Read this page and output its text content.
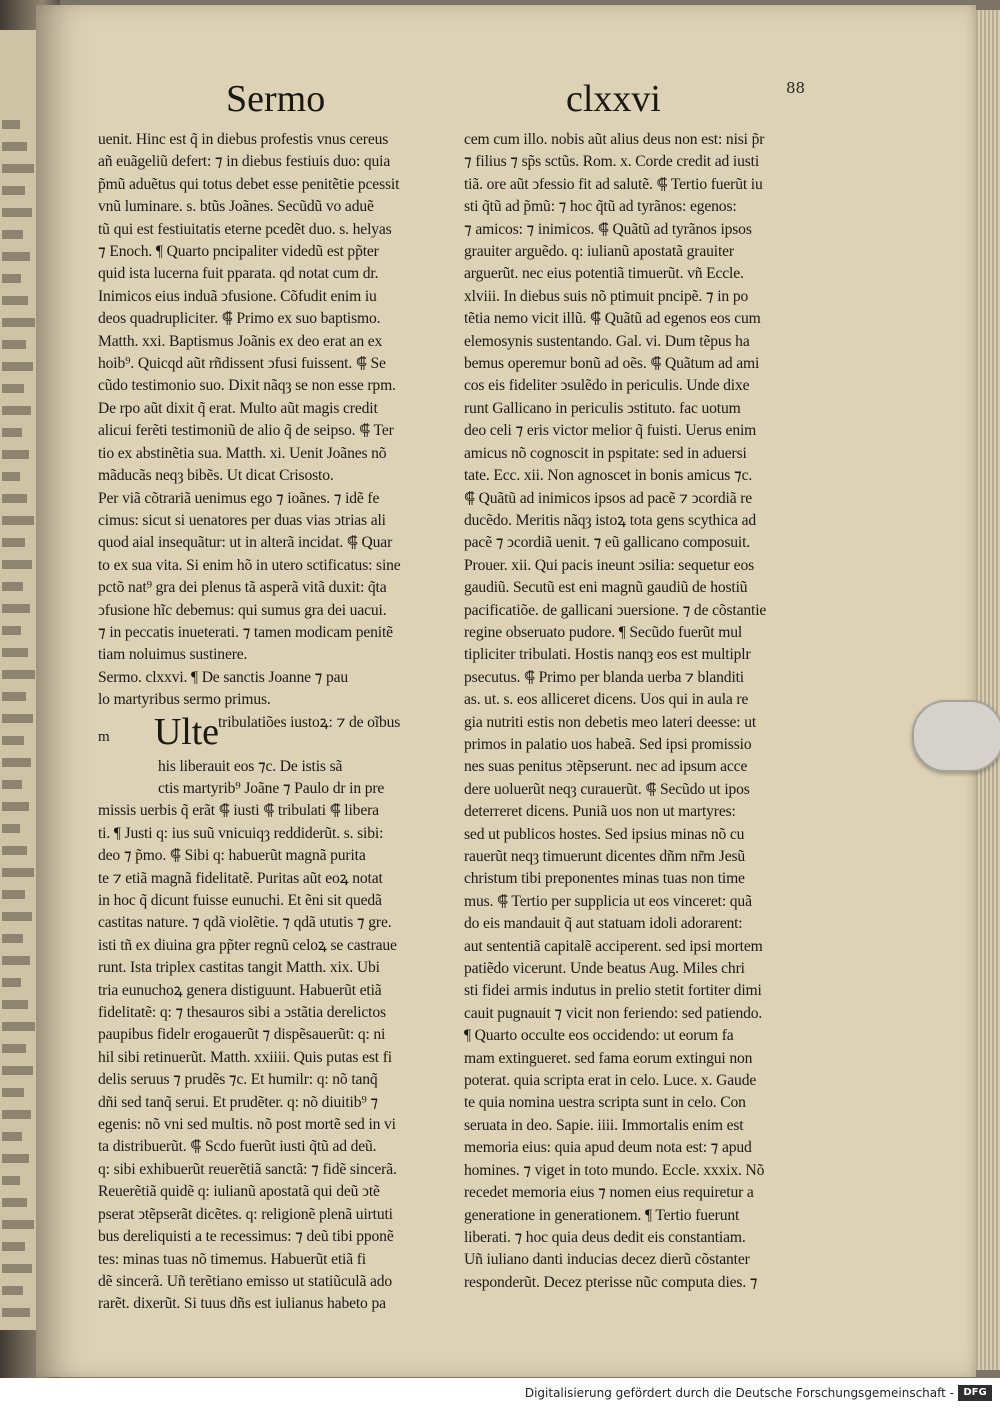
Sermo	clxxvi	88
uenit. Hinc est q̃ in diebus profestis vnus cereus
añ euãgeliũ defert: ⁊ in diebus festiuis duo: quia
p̃mũ aduẽtus qui totus debet esse penitẽtie pcessit
vnũ luminare. s. btũs Joãnes. Secũdũ vo aduẽ
tũ qui est festiuitatis eterne pcedẽt duo. s. helyas
⁊ Enoch. ¶ Quarto pncipaliter videdũ est pp̃ter
quid ista lucerna fuit pparata. qd notat cum dr.
Inimicos eius induã ↄfusione. Cõfudit enim iu
deos quadrupliciter. ⸿ Primo ex suo baptismo.
Matth. xxi. Baptismus Joãnis ex deo erat an ex
hoib⁹. Quicqd aũt rñdissent ↄfusi fuissent. ⸿ Se
cũdo testimonio suo. Dixit nãqȝ se non esse rpm.
De rpo aũt dixit q̃ erat. Multo aũt magis credit
alicui ferẽti testimoniũ de alio q̃ de seipso. ⸿ Ter
tio ex abstinẽtia sua. Matth. xi. Uenit Joãnes nõ
mãducãs neqȝ bibẽs. Ut dicat Crisosto.
Per viã cõtrariã uenimus ego ⁊ ioãnes. ⁊ idẽ fe
cimus: sicut si uenatores per duas vias ↄtrias ali
quod aial insequãtur: ut in alterã incidat. ⸿ Quar
to ex sua vita. Si enim hõ in utero sctificatus: sine
pctõ nat⁹ gra dei plenus tã asperã vitã duxit: q̃ta
ↄfusione hĩc debemus: qui sumus gra dei uacui.
⁊ in peccatis inueterati. ⁊ tamen modicam penitẽ
tiam noluimus sustinere.
Sermo. clxxvi. ¶ De sanctis Joanne ⁊ pau
lo martyribus sermo primus.
m Ulte tribulatiões iustoꝝ: ⁊ de oĩbus
his liberauit eos ⁊c. De istis sã
ctis martyrib⁹ Joãne ⁊ Paulo dr in pre
missis uerbis q̃ erãt ⸿ iusti ⸿ tribulati ⸿ libera
ti. ¶ Justi q: ius suũ vnicuiqȝ reddiderũt. s. sibi:
deo ⁊ p̃mo. ⸿ Sibi q: habuerũt magnã purita
te ⁊ etiã magnã fidelitatẽ. Puritas aũt eoꝝ notat
in hoc q̃ dicunt fuisse eunuchi. Et ẽni sit quedã
castitas nature. ⁊ qdã violẽtie. ⁊ qdã ututis ⁊ gre.
isti tñ ex diuina gra pp̃ter regnũ celoꝝ se castraue
runt. Ista triplex castitas tangit Matth. xix. Ubi
tria eunuchoꝝ genera distiguunt. Habuerũt etiã
fidelitatẽ: q: ⁊ thesauros sibi a ↄstãtia derelictos
paupibus fidelr erogauerũt ⁊ dispẽsauerũt: q: ni
hil sibi retinuerũt. Matth. xxiiii. Quis putas est fi
delis seruus ⁊ prudẽs ⁊c. Et humilr: q: nõ tanq̃
dñi sed tanq̃ serui. Et prudẽter. q: nõ diuitib⁹ ⁊
egenis: nõ vni sed multis. nõ post mortẽ sed in vi
ta distribuerũt. ⸿ Scdo fuerũt iusti q̃tũ ad deũ.
q: sibi exhibuerũt reuerẽtiã sanctã: ⁊ fidẽ sincerã.
Reuerẽtiã quidẽ q: iulianũ apostatã qui deũ ↄtẽ
pserat ↄtẽpserãt dicẽtes. q: religionẽ plenã uirtuti
bus dereliquisti a te recessimus: ⁊ deũ tibi pponẽ
tes: minas tuas nõ timemus. Habuerũt etiã fi
dẽ sincerã. Uñ terẽtiano emisso ut statiũculã ado
rarẽt. dixerũt. Si tuus dñs est iulianus habeto pa
cem cum illo. nobis aũt alius deus non est: nisi p̃r
⁊ filius ⁊ sp̃s sctũs. Rom. x. Corde credit ad iusti
tiã. ore aũt ↄfessio fit ad salutẽ. ⸿ Tertio fuerũt iu
sti q̃tũ ad p̃mũ: ⁊ hoc q̃tũ ad tyrãnos: egenos:
⁊ amicos: ⁊ inimicos. ⸿ Quãtũ ad tyrãnos ipsos
grauiter arguẽdo. q: iulianũ apostatã grauiter
arguerũt. nec eius potentiã timuerũt. vñ Eccle.
xlviii. In diebus suis nõ ptimuit pncipẽ. ⁊ in po
tẽtia nemo vicit illũ. ⸿ Quãtũ ad egenos eos cum
elemosynis sustentando. Gal. vi. Dum tẽpus ha
bemus operemur bonũ ad oẽs. ⸿ Quãtum ad ami
cos eis fideliter ↄsulẽdo in periculis. Unde dixe
runt Gallicano in periculis ↄstituto. fac uotum
deo celi ⁊ eris victor melior q̃ fuisti. Uerus enim
amicus nõ cognoscit in pspitate: sed in aduersi
tate. Ecc. xii. Non agnoscet in bonis amicus ⁊c.
⸿ Quãtũ ad inimicos ipsos ad pacẽ ⁊ ↄcordiã re
ducẽdo. Meritis nãqȝ istoꝝ tota gens scythica ad
pacẽ ⁊ ↄcordiã uenit. ⁊ eũ gallicano composuit.
Prouer. xii. Qui pacis ineunt ↄsilia: sequetur eos
gaudiũ. Secutũ est eni magnũ gaudiũ de hostiũ
pacificatiõe. de gallicani ↄuersione. ⁊ de cõstantie
regine obseruato pudore. ¶ Secũdo fuerũt mul
tipliciter tribulati. Hostis nanqȝ eos est multiplr
psecutus. ⸿ Primo per blanda uerba ⁊ blanditi
as. ut. s. eos alliceret dicens. Uos qui in aula re
gia nutriti estis non debetis meo lateri deesse: ut
primos in palatio uos habeã. Sed ipsi promissio
nes suas penitus ↄtẽpserunt. nec ad ipsum acce
dere uoluerũt neqȝ curauerũt. ⸿ Secũdo ut ipos
deterreret dicens. Puniã uos non ut martyres:
sed ut publicos hostes. Sed ipsius minas nõ cu
rauerũt neqȝ timuerunt dicentes dñm nr̃m Jesũ
christum tibi preponentes minas tuas non time
mus. ⸿ Tertio per supplicia ut eos vinceret: quã
do eis mandauit q̃ aut statuam idoli adorarent:
aut sententiã capitalẽ acciperent. sed ipsi mortem
patiẽdo vicerunt. Unde beatus Aug. Miles chri
sti fidei armis indutus in prelio stetit fortiter dimi
cauit pugnauit ⁊ vicit non feriendo: sed patiendo.
¶ Quarto occulte eos occidendo: ut eorum fa
mam extingueret. sed fama eorum extingui non
poterat. quia scripta erat in celo. Luce. x. Gaude
te quia nomina uestra scripta sunt in celo. Con
seruata in deo. Sapie. iiii. Immortalis enim est
memoria eius: quia apud deum nota est: ⁊ apud
homines. ⁊ viget in toto mundo. Eccle. xxxix. Nõ
recedet memoria eius ⁊ nomen eius requiretur a
generatione in generationem. ¶ Tertio fuerunt
liberati. ⁊ hoc quia deus dedit eis constantiam.
Uñ iuliano danti inducias decez dierũ cõstanter
responderũt. Decez pterisse nũc computa dies. ⁊
Digitalisierung gefördert durch die Deutsche Forschungsgemeinschaft - DFG
